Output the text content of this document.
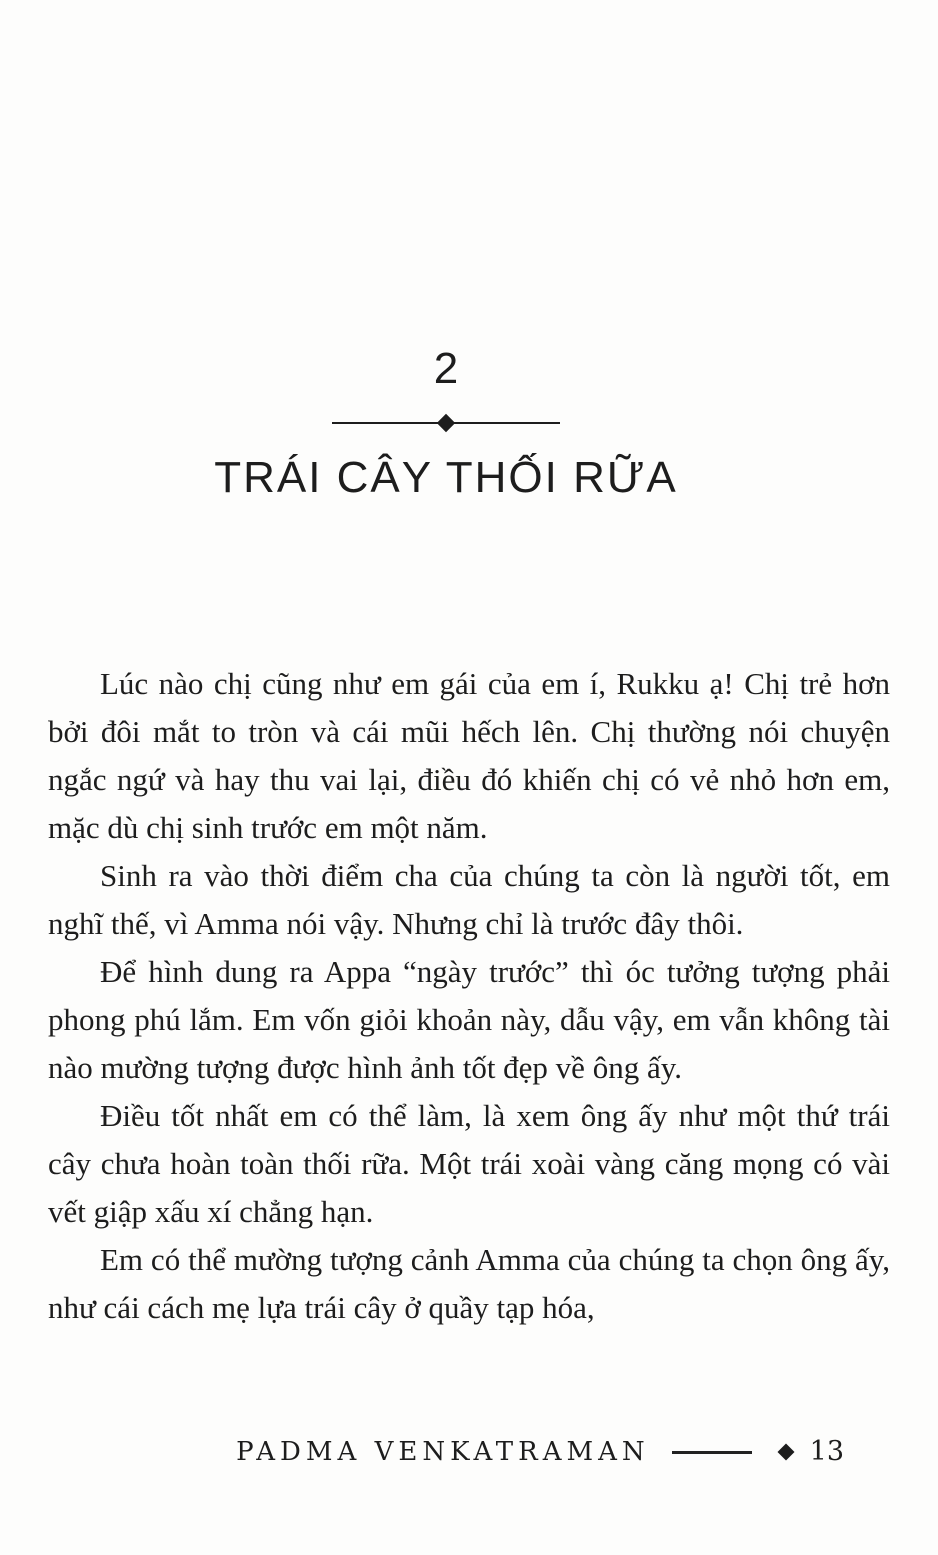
2
TRÁI CÂY THỐI RỮA

Lúc nào chị cũng như em gái của em í, Rukku ạ! Chị trẻ hơn bởi đôi mắt to tròn và cái mũi hếch lên. Chị thường nói chuyện ngắc ngứ và hay thu vai lại, điều đó khiến chị có vẻ nhỏ hơn em, mặc dù chị sinh trước em một năm.

Sinh ra vào thời điểm cha của chúng ta còn là người tốt, em nghĩ thế, vì Amma nói vậy. Nhưng chỉ là trước đây thôi.

Để hình dung ra Appa “ngày trước” thì óc tưởng tượng phải phong phú lắm. Em vốn giỏi khoản này, dẫu vậy, em vẫn không tài nào mường tượng được hình ảnh tốt đẹp về ông ấy.

Điều tốt nhất em có thể làm, là xem ông ấy như một thứ trái cây chưa hoàn toàn thối rữa. Một trái xoài vàng căng mọng có vài vết giập xấu xí chẳng hạn.

Em có thể mường tượng cảnh Amma của chúng ta chọn ông ấy, như cái cách mẹ lựa trái cây ở quầy tạp hóa,

PADMA VENKATRAMAN	13
